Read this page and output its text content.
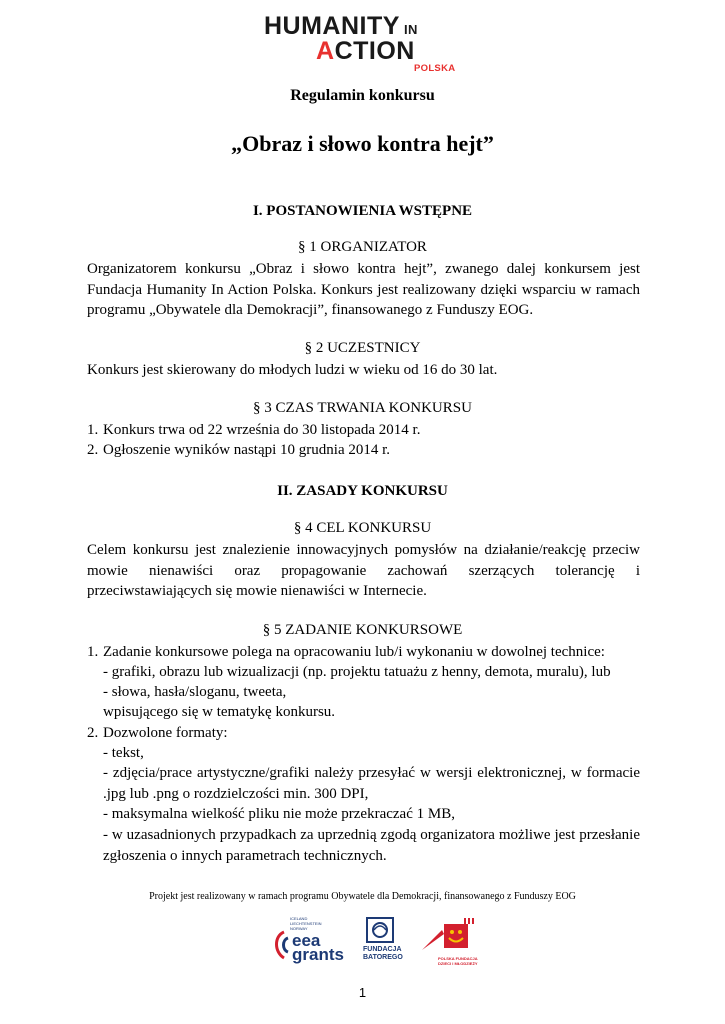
HUMANITY IN
ACTION
POLSKA
Regulamin konkursu
„Obraz i słowo kontra hejt”
I. POSTANOWIENIA WSTĘPNE
§ 1 ORGANIZATOR

Organizatorem konkursu „Obraz i słowo kontra hejt”, zwanego dalej konkursem jest Fundacja Humanity In Action Polska. Konkurs jest realizowany dzięki wsparciu w ramach programu „Obywatele dla Demokracji”, finansowanego z Funduszy EOG.

§ 2 UCZESTNICY

Konkurs jest skierowany do młodych ludzi w wieku od 16 do 30 lat.

§ 3 CZAS TRWANIA KONKURSU
1. Konkurs trwa od 22 września do 30 listopada 2014 r.
2. Ogłoszenie wyników nastąpi 10 grudnia 2014 r.
II. ZASADY KONKURSU
§ 4 CEL KONKURSU

Celem konkursu jest znalezienie innowacyjnych pomysłów na działanie/reakcję przeciw mowie nienawiści oraz propagowanie zachowań szerzących tolerancję i przeciwstawiających się mowie nienawiści w Internecie.

§ 5 ZADANIE KONKURSOWE
1. Zadanie konkursowe polega na opracowaniu lub/i wykonaniu w dowolnej technice:
- grafiki, obrazu lub wizualizacji (np. projektu tatuażu z henny, demota, muralu), lub
- słowa, hasła/sloganu, tweeta,
wpisującego się w tematykę konkursu.
2. Dozwolone formaty:
- tekst,
- zdjęcia/prace artystyczne/grafiki należy przesyłać w wersji elektronicznej, w formacie .jpg lub .png o rozdzielczości min. 300 DPI,
- maksymalna wielkość pliku nie może przekraczać 1 MB,
- w uzasadnionych przypadkach za uprzednią zgodą organizatora możliwe jest przesłanie zgłoszenia o innych parametrach technicznych.
Projekt jest realizowany w ramach programu Obywatele dla Demokracji, finansowanego z Funduszy EOG
ICELAND
LIECHTENSTEIN
NORWAY
eea
grants	FUNDACJA
BATOREGO	POLSKA FUNDACJA
DZIECI I MŁODZIEŻY
1
